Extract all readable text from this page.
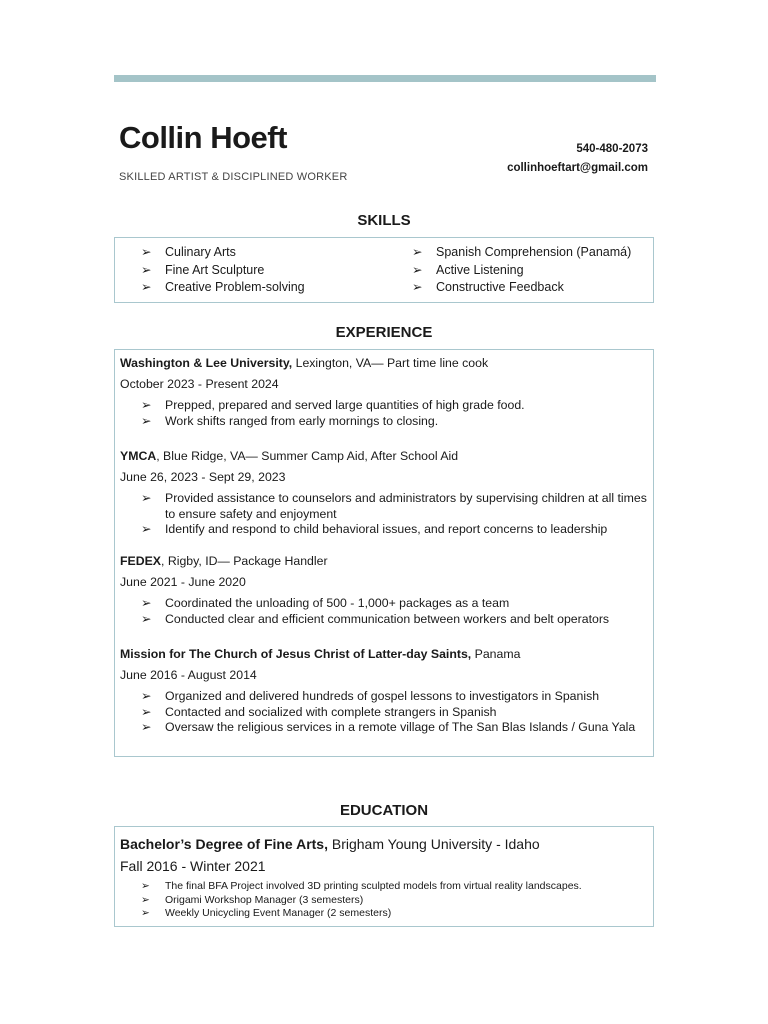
Collin Hoeft
SKILLED ARTIST & DISCIPLINED WORKER
540-480-2073
collinhoeftart@gmail.com
SKILLS
➢ Culinary Arts
➢ Fine Art Sculpture
➢ Creative Problem-solving
➢ Spanish Comprehension (Panamá)
➢ Active Listening
➢ Constructive Feedback
EXPERIENCE

Washington & Lee University, Lexington, VA— Part time line cook

October 2023 - Present 2024

➢	Prepped, prepared and served large quantities of high grade food.
➢	Work shifts ranged from early mornings to closing.

YMCA, Blue Ridge, VA— Summer Camp Aid, After School Aid

June 26, 2023 - Sept 29, 2023

➢	Provided assistance to counselors and administrators by supervising children at all times to ensure safety and enjoyment
➢	Identify and respond to child behavioral issues, and report concerns to leadership

FEDEX, Rigby, ID— Package Handler

June 2021 - June 2020

➢	Coordinated the unloading of 500 - 1,000+ packages as a team
➢	Conducted clear and efficient communication between workers and belt operators

Mission for The Church of Jesus Christ of Latter-day Saints, Panama

June 2016 - August 2014

➢	Organized and delivered hundreds of gospel lessons to investigators in Spanish
➢	Contacted and socialized with complete strangers in Spanish
➢	Oversaw the religious services in a remote village of The San Blas Islands / Guna Yala
EDUCATION

Bachelor’s Degree of Fine Arts, Brigham Young University - Idaho

Fall 2016 - Winter 2021

➢	The final BFA Project involved 3D printing sculpted models from virtual reality landscapes.
➢	Origami Workshop Manager (3 semesters)
➢	Weekly Unicycling Event Manager (2 semesters)
